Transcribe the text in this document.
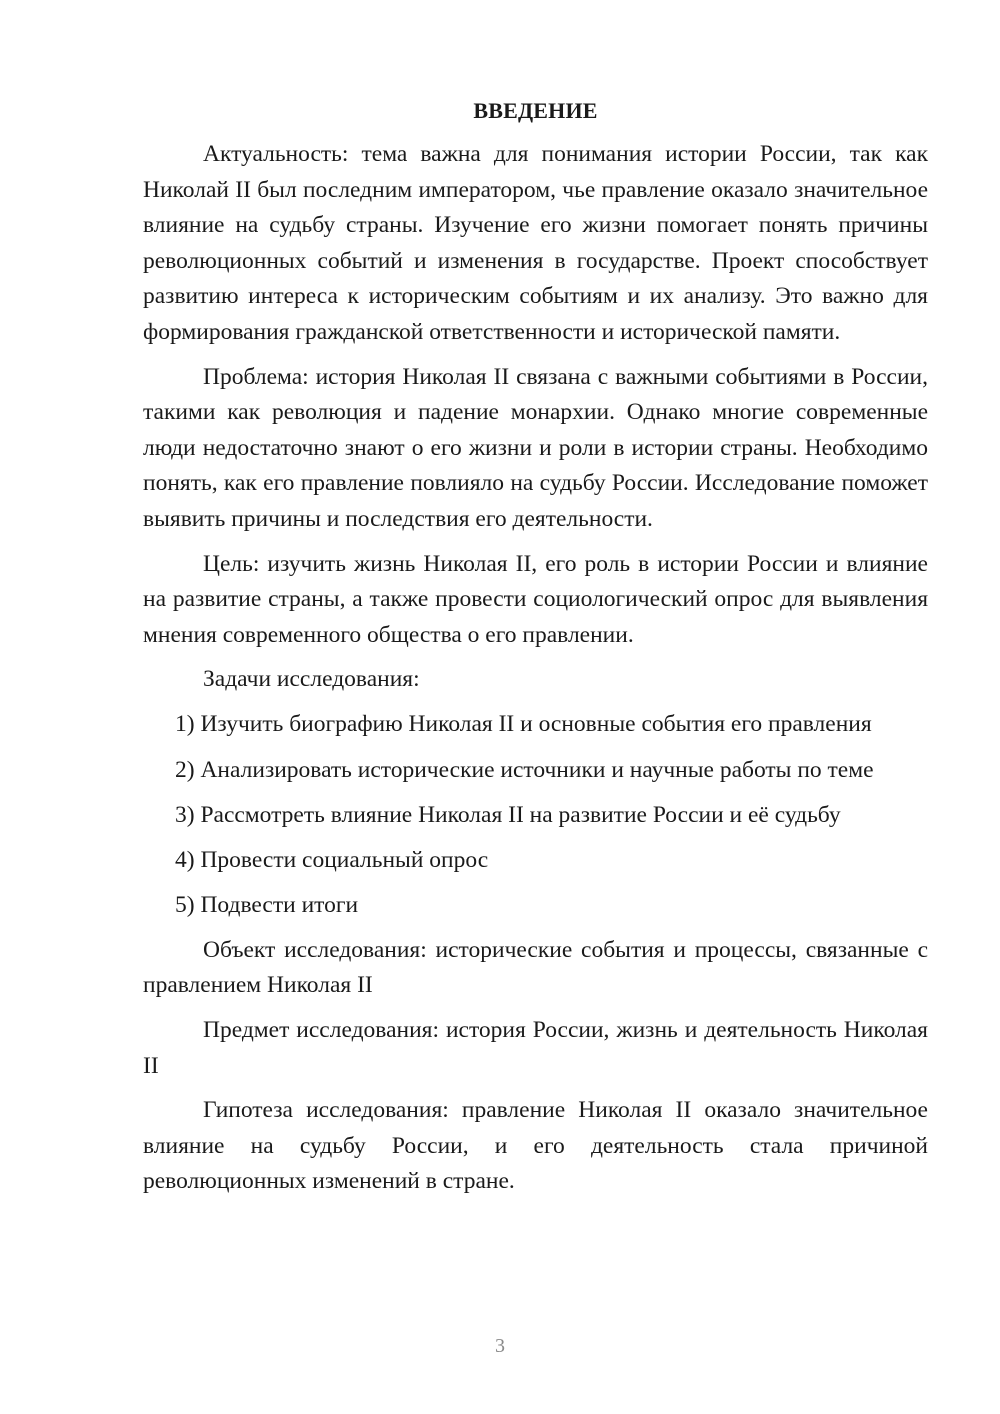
ВВЕДЕНИЕ

Актуальность: тема важна для понимания истории России, так как Николай II был последним императором, чье правление оказало значительное влияние на судьбу страны. Изучение его жизни помогает понять причины революционных событий и изменения в государстве. Проект способствует развитию интереса к историческим событиям и их анализу. Это важно для формирования гражданской ответственности и исторической памяти.

Проблема: история Николая II связана с важными событиями в России, такими как революция и падение монархии. Однако многие современные люди недостаточно знают о его жизни и роли в истории страны. Необходимо понять, как его правление повлияло на судьбу России. Исследование поможет выявить причины и последствия его деятельности.

Цель: изучить жизнь Николая II, его роль в истории России и влияние на развитие страны, а также провести социологический опрос для выявления мнения современного общества о его правлении.

Задачи исследования:
1) Изучить биографию Николая II и основные события его правления
2) Анализировать исторические источники и научные работы по теме
3) Рассмотреть влияние Николая II на развитие России и её судьбу
4) Провести социальный опрос
5) Подвести итоги

Объект исследования: исторические события и процессы, связанные с правлением Николая II

Предмет исследования: история России, жизнь и деятельность Николая II

Гипотеза исследования: правление Николая II оказало значительное влияние на судьбу России, и его деятельность стала причиной революционных изменений в стране.

3
